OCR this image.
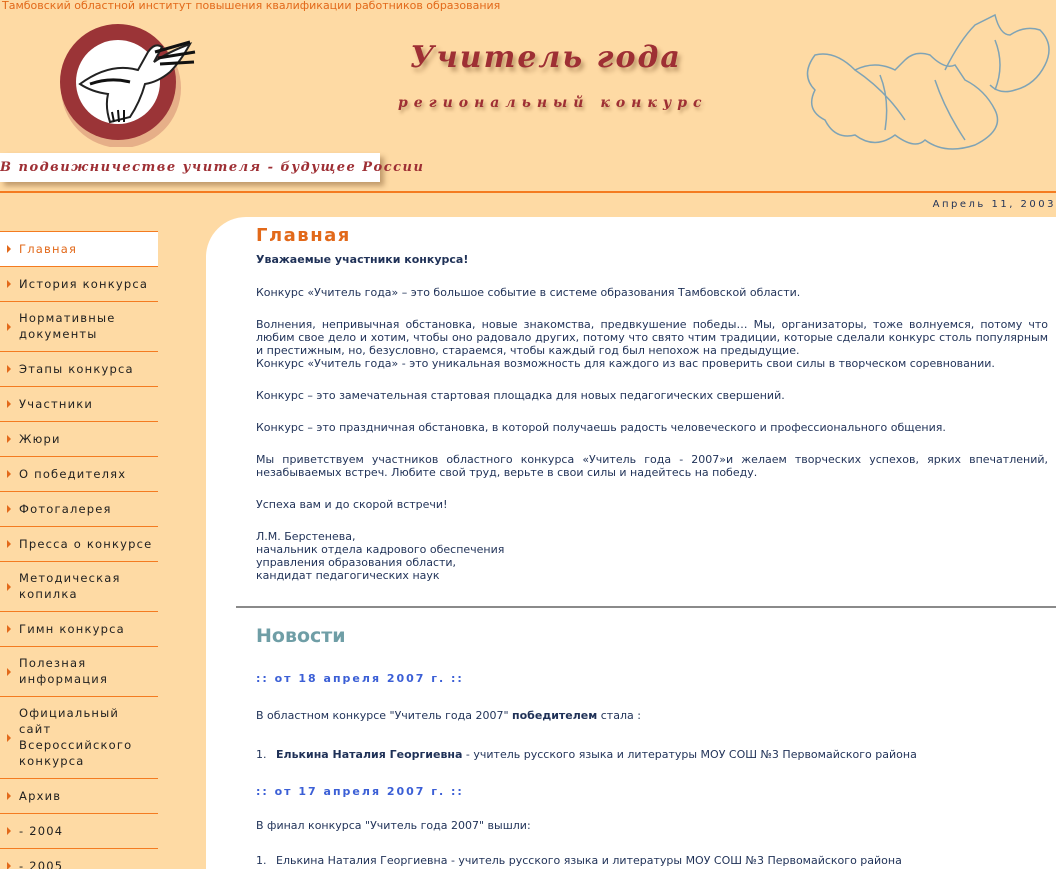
Тамбовский областной институт повышения квалификации работников образования
Учитель года
региональный конкурс
В подвижничестве учителя - будущее России
Апрель 11, 2003
Главная
История конкурса
Нормативные документы
Этапы конкурса
Участники
Жюри
О победителях
Фотогалерея
Пресса о конкурсе
Методическая копилка
Гимн конкурса
Полезная информация
Официальный сайт Всероссийского конкурса
Архив
- 2004
- 2005
Главная
Уважаемые участники конкурса!

Конкурс «Учитель года» – это большое событие в системе образования Тамбовской области.

Волнения, непривычная обстановка, новые знакомства, предвкушение победы… Мы, организаторы, тоже волнуемся, потому что любим свое дело и хотим, чтобы оно радовало других, потому что свято чтим традиции, которые сделали конкурс столь популярным и престижным, но, безусловно, стараемся, чтобы каждый год был непохож на предыдущие.

Конкурс «Учитель года» - это уникальная возможность для каждого из вас проверить свои силы в творческом соревновании.

Конкурс – это замечательная стартовая площадка для новых педагогических свершений.

Конкурс – это праздничная обстановка, в которой получаешь радость человеческого и профессионального общения.

Мы приветствуем участников областного конкурса «Учитель года - 2007»и желаем творческих успехов, ярких впечатлений, незабываемых встреч. Любите свой труд, верьте в свои силы и надейтесь на победу.

Успеха вам и до скорой встречи!

Л.М. Берстенева,
начальник отдела кадрового обеспечения
управления образования области,
кандидат педагогических наук
Новости
:: от 18 апреля 2007 г. ::
В областном конкурсе "Учитель года 2007" победителем стала :
1. Елькина Наталия Георгиевна - учитель русского языка и литературы МОУ СОШ №3 Первомайского района
:: от 17 апреля 2007 г. ::
В финал конкурса "Учитель года 2007" вышли:
1. Елькина Наталия Георгиевна - учитель русского языка и литературы МОУ СОШ №3 Первомайского района
